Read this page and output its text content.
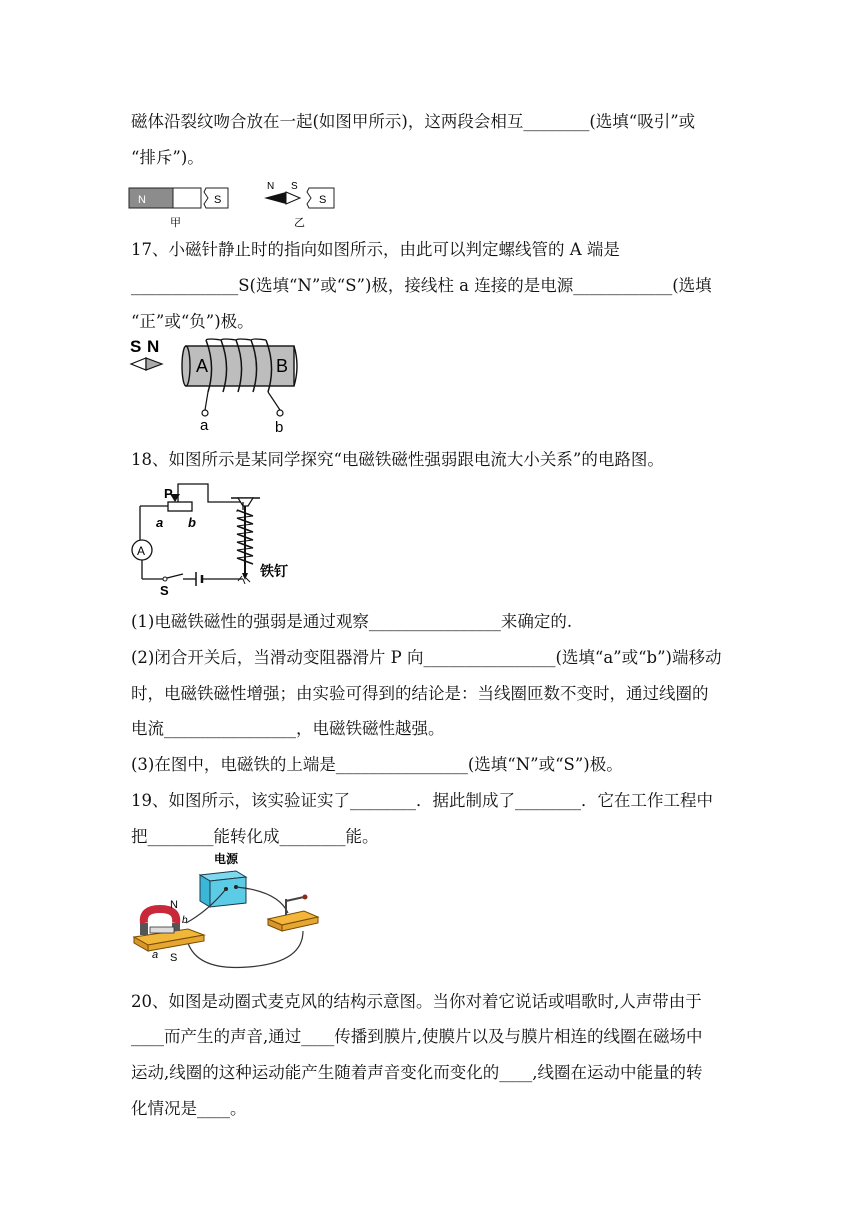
磁体沿裂纹吻合放在一起(如图甲所示)，这两段会相互________(选填“吸引”或
“排斥”)。
N	S
甲
N S
S
乙
17、小磁针静止时的指向如图所示，由此可以判定螺线管的 A 端是
_____________S(选填“N”或“S”)极，接线柱 a 连接的是电源____________(选填
“正”或“负”)极。
S N
A	B
a	b
18、如图所示是某同学探究“电磁铁磁性强弱跟电流大小关系”的电路图。
P
a b
A
S
铁钉
(1)电磁铁磁性的强弱是通过观察________________来确定的.
(2)闭合开关后，当滑动变阻器滑片 P 向________________(选填“a”或“b”)端移动
时，电磁铁磁性增强；由实验可得到的结论是：当线圈匝数不变时，通过线圈的
电流________________，电磁铁磁性越强。
(3)在图中，电磁铁的上端是________________(选填“N”或“S”)极。
19、如图所示，该实验证实了________．据此制成了________．它在工作工程中
把________能转化成________能。
电源
N
b
a S
20、如图是动圈式麦克风的结构示意图。当你对着它说话或唱歌时,人声带由于
____而产生的声音,通过____传播到膜片,使膜片以及与膜片相连的线圈在磁场中
运动,线圈的这种运动能产生随着声音变化而变化的____,线圈在运动中能量的转
化情况是____。
